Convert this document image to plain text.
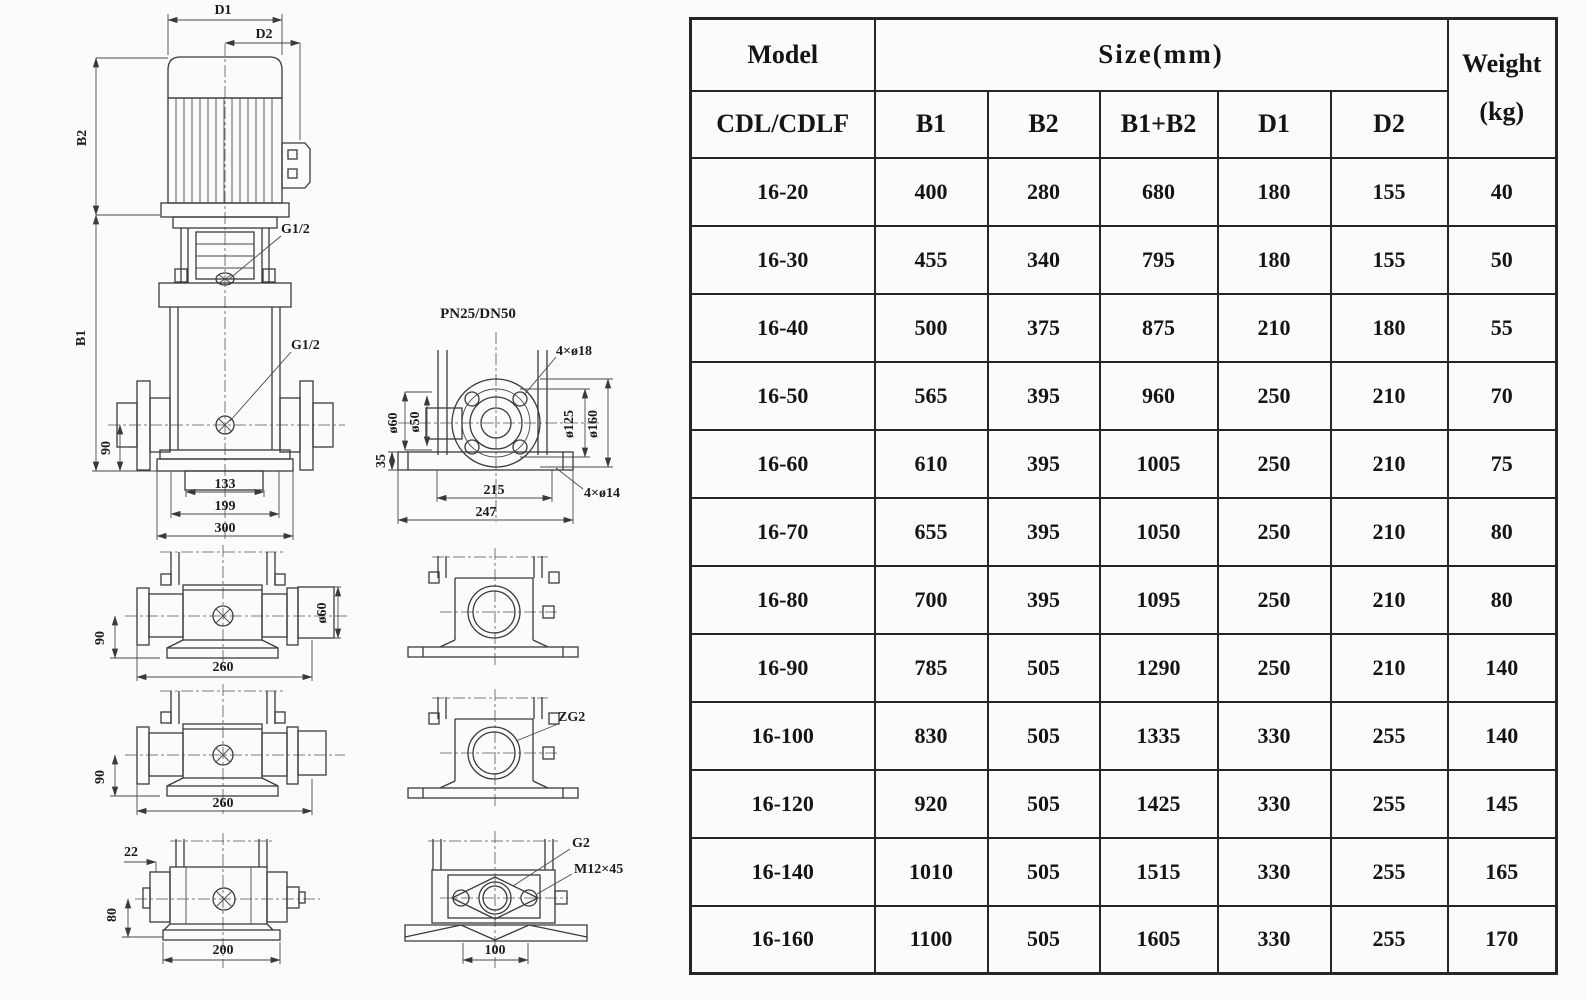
D1
D2
B2
B1
90
G1/2
G1/2
133
199
300
PN25/DN50
ø60 ø50	ø125 ø160
35
215
247
4×ø18
4×ø14
ø60
90
260
90
260
22
80
200
ZG2
G2
M12×45
100
Model	Size(mm)					Weight
(kg)

CDL/CDLF	B1	B2	B1+B2	D1	D2	
16-20	400	280	680	180	155	40
16-30	455	340	795	180	155	50
16-40	500	375	875	210	180	55
16-50	565	395	960	250	210	70
16-60	610	395	1005	250	210	75
16-70	655	395	1050	250	210	80
16-80	700	395	1095	250	210	80
16-90	785	505	1290	250	210	140
16-100	830	505	1335	330	255	140
16-120	920	505	1425	330	255	145
16-140	1010	505	1515	330	255	165
16-160	1100	505	1605	330	255	170
